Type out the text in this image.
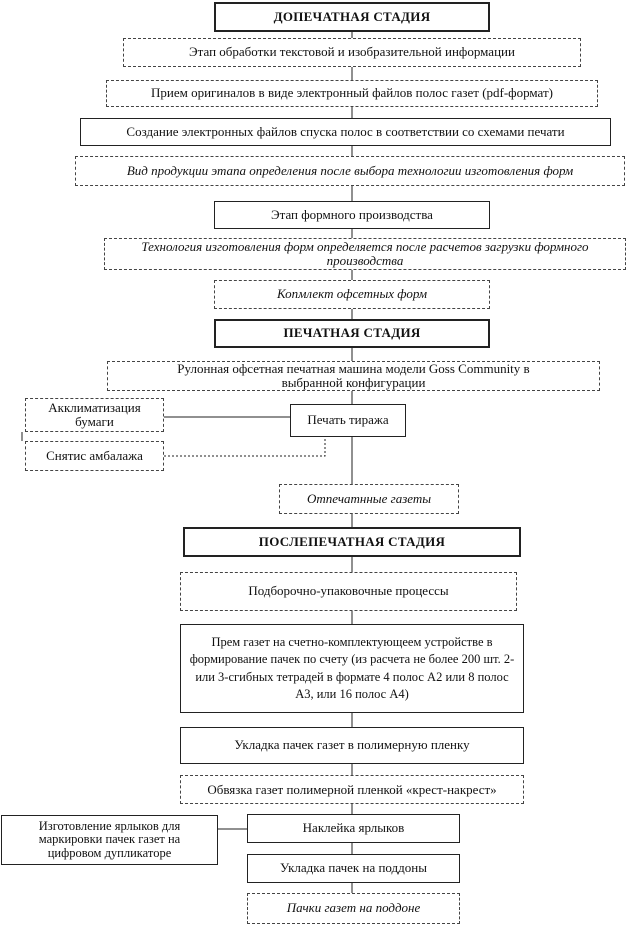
ДОПЕЧАТНАЯ СТАДИЯ
Этап обработки текстовой и изобразительной информации
Прием оригиналов в виде электронный файлов полос газет (pdf-формат)
Создание электронных файлов спуска полос в соответствии со схемами печати
Вид продукции этапа определения после выбора технологии изготовления форм
Этап формного производства
Технология изготовления форм определяется после расчетов загрузки формного производства
Копмлект офсетных форм
ПЕЧАТНАЯ СТАДИЯ
Рулонная офсетная печатная машина модели Goss Community в выбранной конфигурации
Акклиматизация бумаги
Снятис амбалажа
Печать тиража
Отпечатнные газеты
ПОСЛЕПЕЧАТНАЯ СТАДИЯ
Подборочно-упаковочные процессы
Прем газет на счетно-комплектующеем устройстве в формирование пачек по счету (из расчета не более 200 шт. 2- или 3-сгибных тетрадей в формате 4 полос А2 или 8 полос А3, или 16 полос А4)
Укладка пачек газет в полимерную пленку
Обвязка газет полимерной пленкой «крест-накрест»
Изготовление ярлыков для маркировки пачек газет на цифровом дупликаторе
Наклейка ярлыков
Укладка пачек на поддоны
Пачки газет на поддоне
